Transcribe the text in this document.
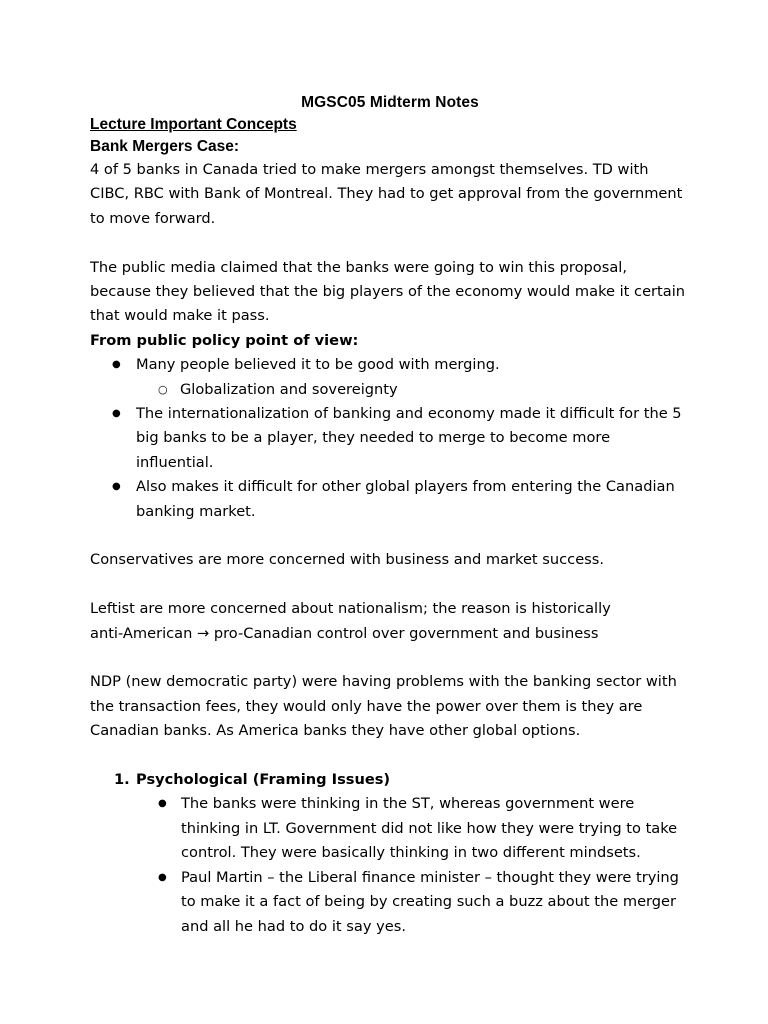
MGSC05 Midterm Notes

Lecture Important Concepts

Bank Mergers Case:

4 of 5 banks in Canada tried to make mergers amongst themselves. TD with CIBC, RBC with Bank of Montreal. They had to get approval from the government to move forward.

The public media claimed that the banks were going to win this proposal, because they believed that the big players of the economy would make it certain that would make it pass.

From public policy point of view:

● Many people believed it to be good with merging.
○ Globalization and sovereignty
● The internationalization of banking and economy made it difficult for the 5 big banks to be a player, they needed to merge to become more influential.
● Also makes it difficult for other global players from entering the Canadian banking market.

Conservatives are more concerned with business and market success.

Leftist are more concerned about nationalism; the reason is historically

anti-American → pro-Canadian control over government and business

NDP (new democratic party) were having problems with the banking sector with the transaction fees, they would only have the power over them is they are Canadian banks. As America banks they have other global options.

1. Psychological (Framing Issues)
● The banks were thinking in the ST, whereas government were thinking in LT. Government did not like how they were trying to take control. They were basically thinking in two different mindsets.
● Paul Martin – the Liberal finance minister – thought they were trying to make it a fact of being by creating such a buzz about the merger and all he had to do it say yes.
